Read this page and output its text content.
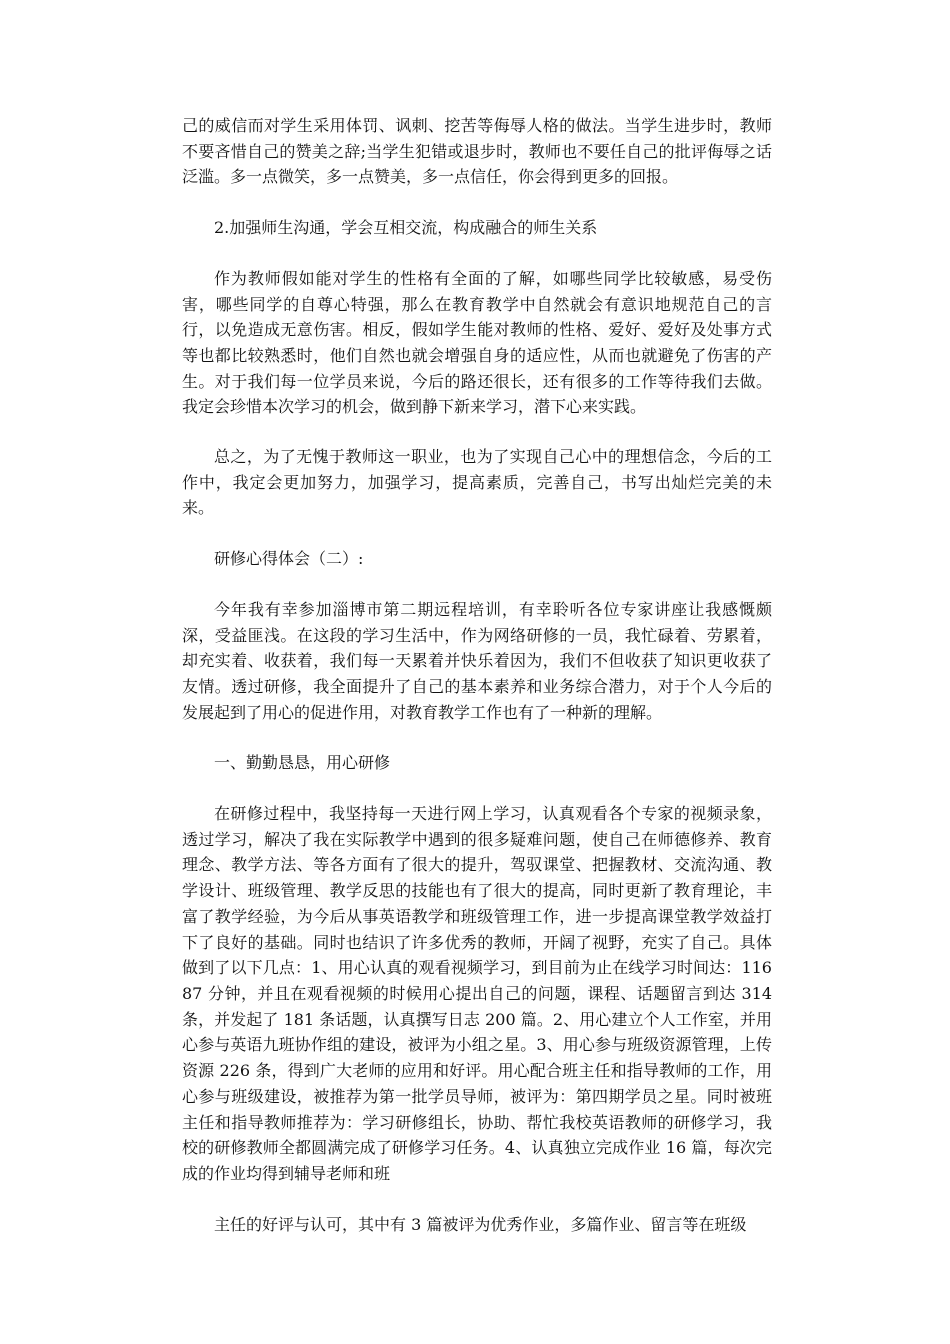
己的威信而对学生采用体罚、讽刺、挖苦等侮辱人格的做法。当学生进步时，教师不要吝惜自己的赞美之辞;当学生犯错或退步时，教师也不要任自己的批评侮辱之话泛滥。多一点微笑，多一点赞美，多一点信任，你会得到更多的回报。

2.加强师生沟通，学会互相交流，构成融合的师生关系

作为教师假如能对学生的性格有全面的了解，如哪些同学比较敏感，易受伤害，哪些同学的自尊心特强，那么在教育教学中自然就会有意识地规范自己的言行，以免造成无意伤害。相反，假如学生能对教师的性格、爱好、爱好及处事方式等也都比较熟悉时，他们自然也就会增强自身的适应性，从而也就避免了伤害的产生。对于我们每一位学员来说，今后的路还很长，还有很多的工作等待我们去做。我定会珍惜本次学习的机会，做到静下新来学习，潜下心来实践。

总之，为了无愧于教师这一职业，也为了实现自己心中的理想信念，今后的工作中，我定会更加努力，加强学习，提高素质，完善自己，书写出灿烂完美的未来。

研修心得体会（二）:

今年我有幸参加淄博市第二期远程培训，有幸聆听各位专家讲座让我感慨颇深，受益匪浅。在这段的学习生活中，作为网络研修的一员，我忙碌着、劳累着，却充实着、收获着，我们每一天累着并快乐着因为，我们不但收获了知识更收获了友情。透过研修，我全面提升了自己的基本素养和业务综合潜力，对于个人今后的发展起到了用心的促进作用，对教育教学工作也有了一种新的理解。

一、勤勤恳恳，用心研修

在研修过程中，我坚持每一天进行网上学习，认真观看各个专家的视频录象，透过学习，解决了我在实际教学中遇到的很多疑难问题，使自己在师德修养、教育理念、教学方法、等各方面有了很大的提升，驾驭课堂、把握教材、交流沟通、教学设计、班级管理、教学反思的技能也有了很大的提高，同时更新了教育理论，丰富了教学经验，为今后从事英语教学和班级管理工作，进一步提高课堂教学效益打下了良好的基础。同时也结识了许多优秀的教师，开阔了视野，充实了自己。具体做到了以下几点：1、用心认真的观看视频学习，到目前为止在线学习时间达：11687 分钟，并且在观看视频的时候用心提出自己的问题，课程、话题留言到达 314 条，并发起了 181 条话题，认真撰写日志 200 篇。2、用心建立个人工作室，并用心参与英语九班协作组的建设，被评为小组之星。3、用心参与班级资源管理，上传资源 226 条，得到广大老师的应用和好评。用心配合班主任和指导教师的工作，用心参与班级建设，被推荐为第一批学员导师，被评为：第四期学员之星。同时被班主任和指导教师推荐为：学习研修组长，协助、帮忙我校英语教师的研修学习，我校的研修教师全都圆满完成了研修学习任务。4、认真独立完成作业 16 篇，每次完成的作业均得到辅导老师和班

主任的好评与认可，其中有 3 篇被评为优秀作业，多篇作业、留言等在班级
